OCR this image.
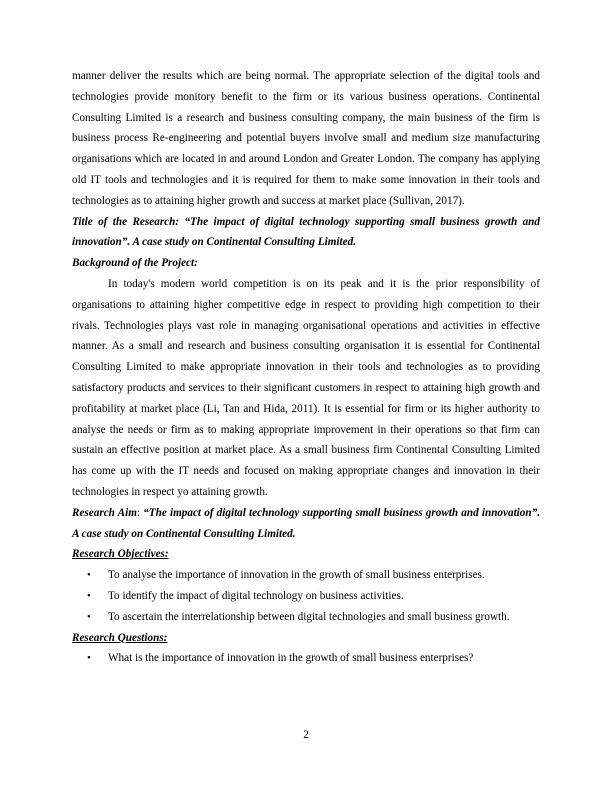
manner deliver the results which are being normal. The appropriate selection of the digital tools and technologies provide monitory benefit to the firm or its various business operations. Continental Consulting Limited is a research and business consulting company, the main business of the firm is business process Re-engineering and potential buyers involve small and medium size manufacturing organisations which are located in and around London and Greater London. The company has applying old IT tools and technologies and it is required for them to make some innovation in their tools and technologies as to attaining higher growth and success at market place (Sullivan, 2017).

Title of the Research: “The impact of digital technology supporting small business growth and innovation”. A case study on Continental Consulting Limited.

Background of the Project:

In today's modern world competition is on its peak and it is the prior responsibility of organisations to attaining higher competitive edge in respect to providing high competition to their rivals. Technologies plays vast role in managing organisational operations and activities in effective manner. As a small and research and business consulting organisation it is essential for Continental Consulting Limited to make appropriate innovation in their tools and technologies as to providing satisfactory products and services to their significant customers in respect to attaining high growth and profitability at market place (Li, Tan and Hida, 2011). It is essential for firm or its higher authority to analyse the needs or firm as to making appropriate improvement in their operations so that firm can sustain an effective position at market place. As a small business firm Continental Consulting Limited has come up with the IT needs and focused on making appropriate changes and innovation in their technologies in respect yo attaining growth.

Research Aim: “The impact of digital technology supporting small business growth and innovation”. A case study on Continental Consulting Limited.

Research Objectives:

• To analyse the importance of innovation in the growth of small business enterprises.
• To identify the impact of digital technology on business activities.
• To ascertain the interrelationship between digital technologies and small business growth.

Research Questions:

• What is the importance of innovation in the growth of small business enterprises?
2
